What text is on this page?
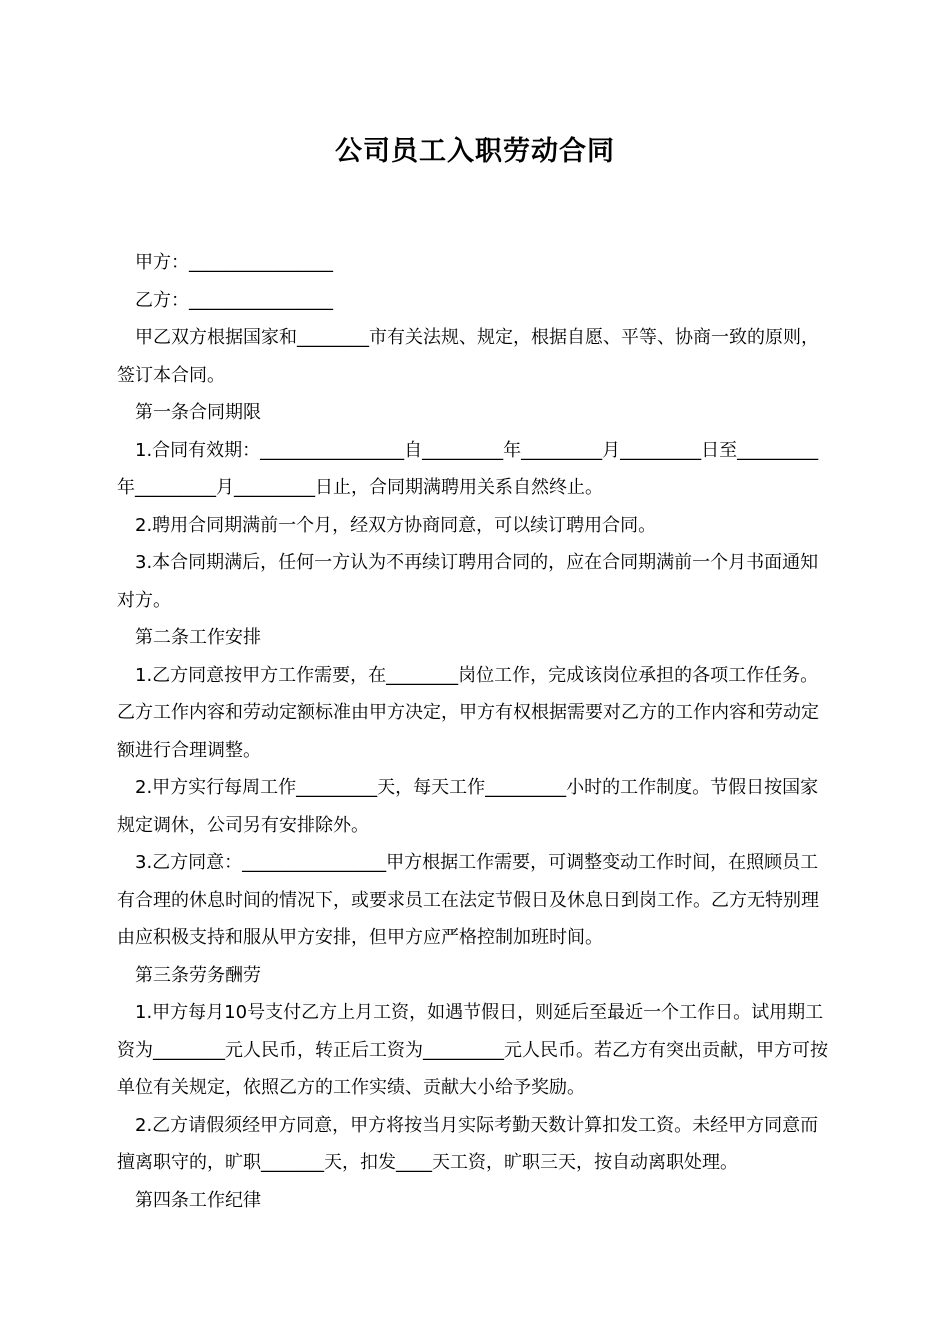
公司员工入职劳动合同

甲方：________________

乙方：________________

甲乙双方根据国家和________市有关法规、规定，根据自愿、平等、协商一致的原则，签订本合同。

第一条合同期限

1.合同有效期：________________自_________年_________月_________日至_________年_________月_________日止，合同期满聘用关系自然终止。

2.聘用合同期满前一个月，经双方协商同意，可以续订聘用合同。

3.本合同期满后，任何一方认为不再续订聘用合同的，应在合同期满前一个月书面通知对方。

第二条工作安排

1.乙方同意按甲方工作需要，在________岗位工作，完成该岗位承担的各项工作任务。乙方工作内容和劳动定额标准由甲方决定，甲方有权根据需要对乙方的工作内容和劳动定额进行合理调整。

2.甲方实行每周工作_________天，每天工作_________小时的工作制度。节假日按国家规定调休，公司另有安排除外。

3.乙方同意：________________甲方根据工作需要，可调整变动工作时间，在照顾员工有合理的休息时间的情况下，或要求员工在法定节假日及休息日到岗工作。乙方无特别理由应积极支持和服从甲方安排，但甲方应严格控制加班时间。

第三条劳务酬劳

1.甲方每月10号支付乙方上月工资，如遇节假日，则延后至最近一个工作日。试用期工资为________元人民币，转正后工资为_________元人民币。若乙方有突出贡献，甲方可按单位有关规定，依照乙方的工作实绩、贡献大小给予奖励。

2.乙方请假须经甲方同意，甲方将按当月实际考勤天数计算扣发工资。未经甲方同意而擅离职守的，旷职_______天，扣发____天工资，旷职三天，按自动离职处理。

第四条工作纪律
